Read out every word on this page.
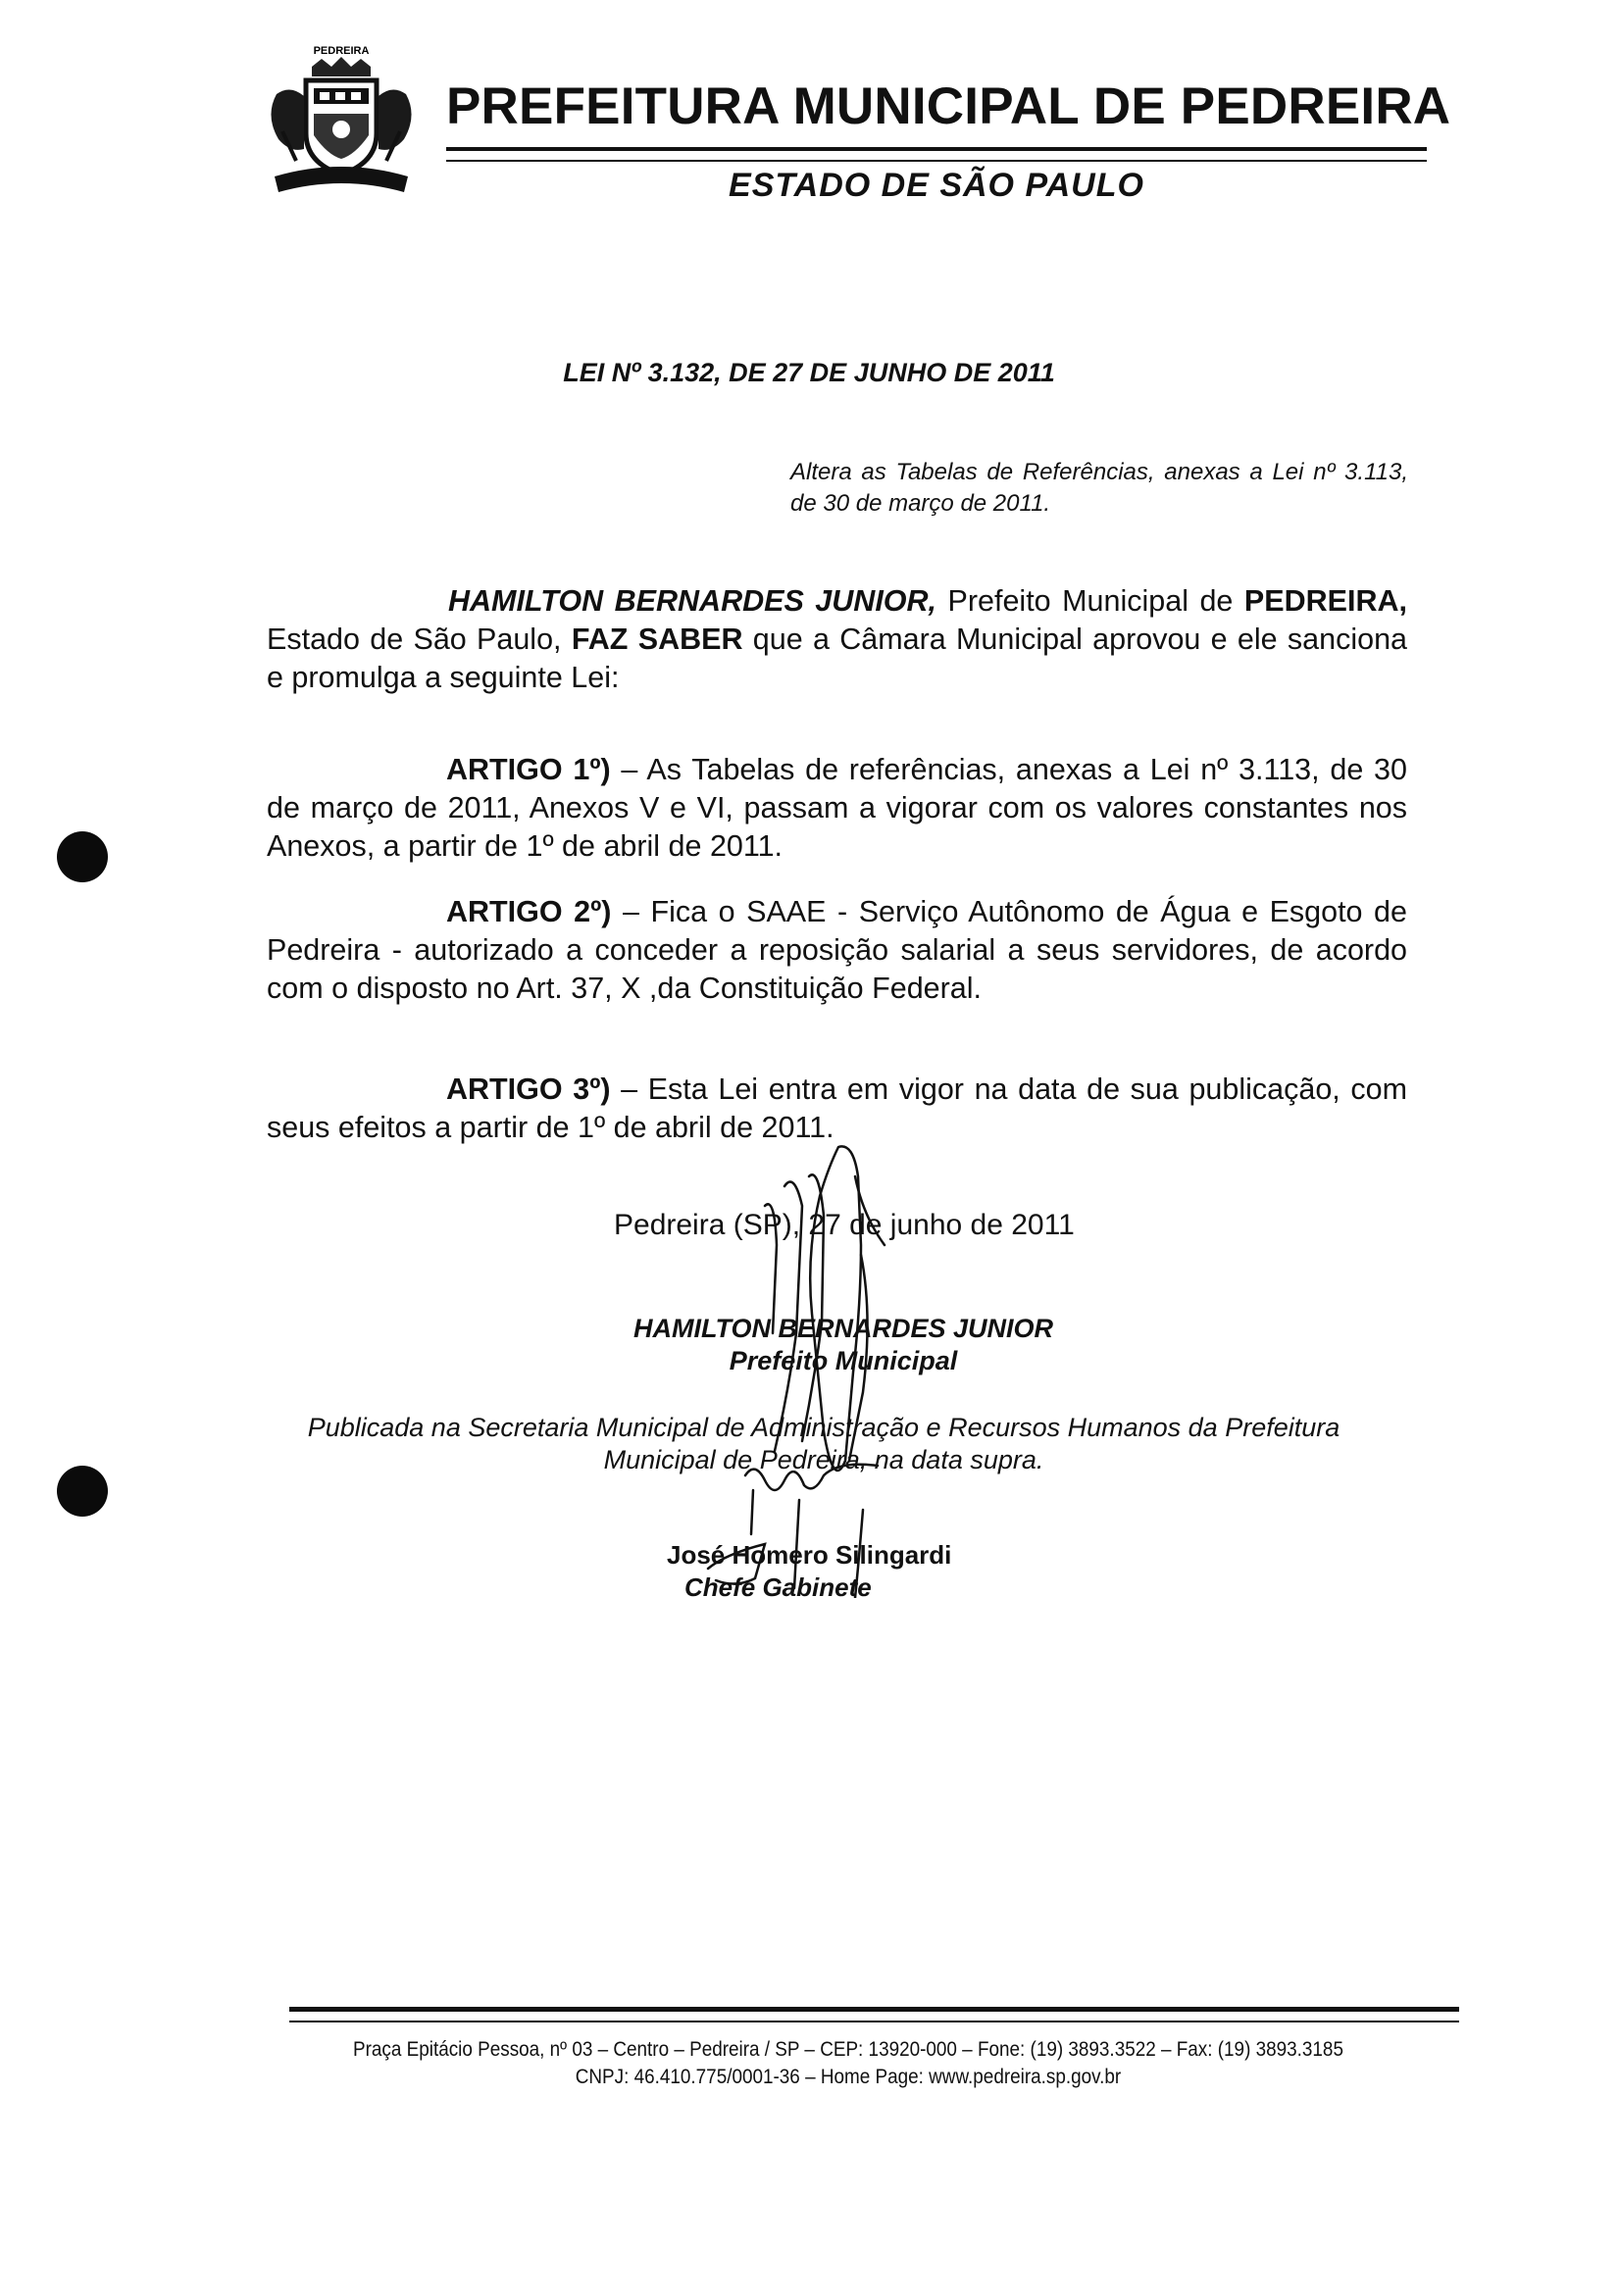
PEDREIRA
PREFEITURA MUNICIPAL DE PEDREIRA
ESTADO DE SÃO PAULO
LEI Nº 3.132, DE 27 DE JUNHO DE 2011
Altera as Tabelas de Referências, anexas a Lei nº 3.113, de 30 de março de 2011.
HAMILTON BERNARDES JUNIOR, Prefeito Municipal de PEDREIRA, Estado de São Paulo, FAZ SABER que a Câmara Municipal aprovou e ele sanciona e promulga a seguinte Lei:
ARTIGO 1º) – As Tabelas de referências, anexas a Lei nº 3.113, de 30 de março de 2011, Anexos V e VI, passam a vigorar com os valores constantes nos Anexos, a partir de 1º de abril de 2011.
ARTIGO 2º) – Fica o SAAE - Serviço Autônomo de Água e Esgoto de Pedreira - autorizado a conceder a reposição salarial a seus servidores, de acordo com o disposto no Art. 37, X ,da Constituição Federal.
ARTIGO 3º) – Esta Lei entra em vigor na data de sua publicação, com seus efeitos a partir de 1º de abril de 2011.
Pedreira (SP), 27 de junho de 2011
HAMILTON BERNARDES JUNIOR
Prefeito Municipal
Publicada na Secretaria Municipal de Administração e Recursos Humanos da Prefeitura
Municipal de Pedreira, na data supra.
José Homero Silingardi
Chefe Gabinete
Praça Epitácio Pessoa, nº 03 – Centro – Pedreira / SP – CEP: 13920-000 – Fone: (19) 3893.3522 – Fax: (19) 3893.3185
CNPJ: 46.410.775/0001-36 – Home Page: www.pedreira.sp.gov.br
